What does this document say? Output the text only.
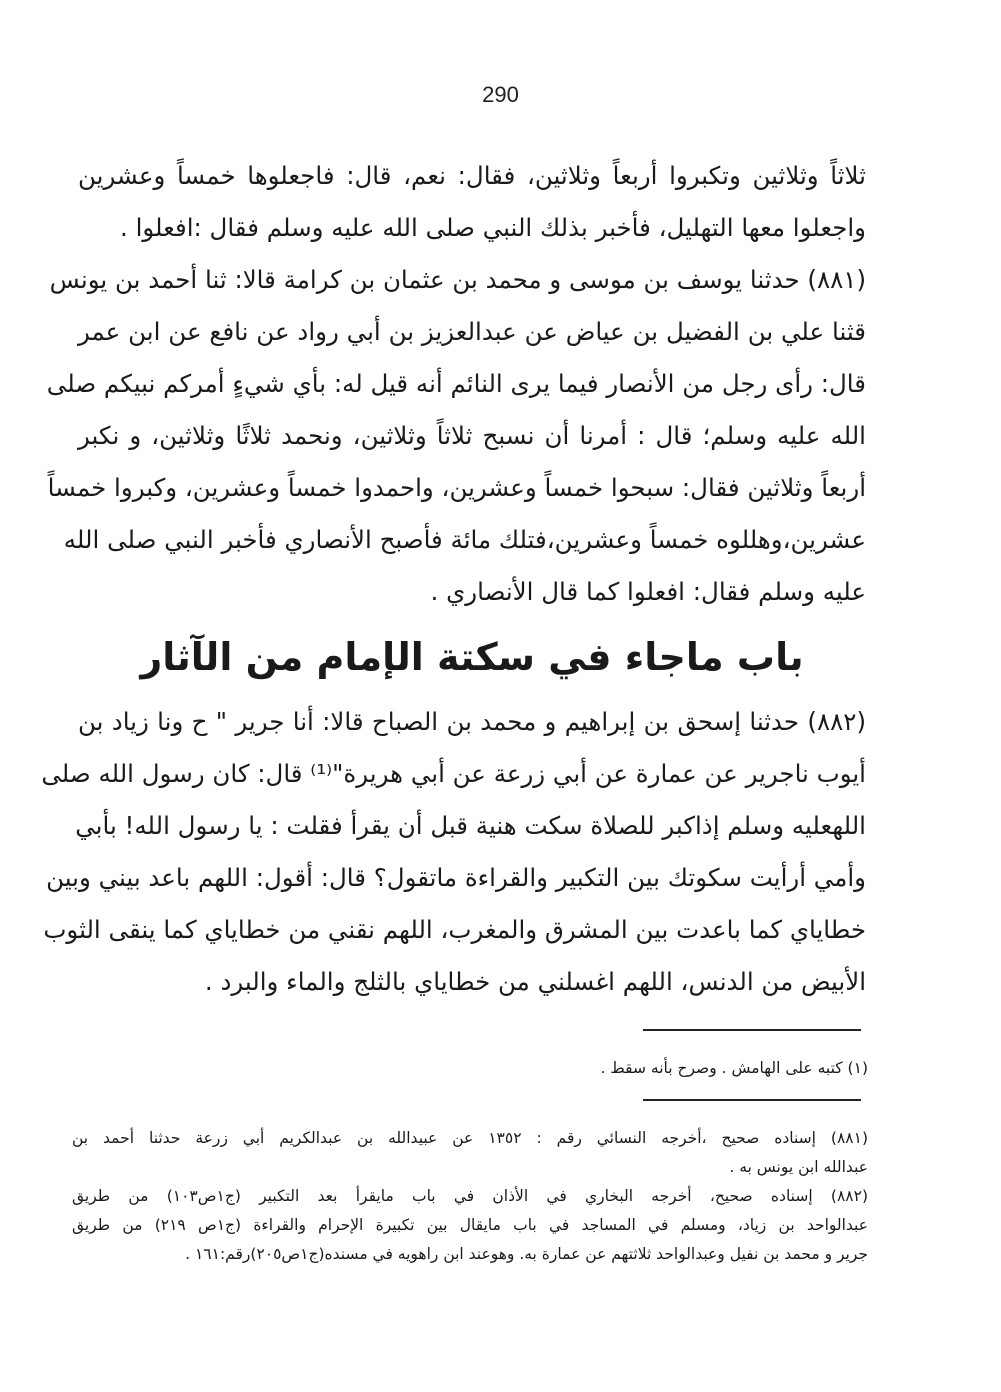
290
ثلاثاً وثلاثين وتكبروا أربعاً وثلاثين، فقال: نعم، قال: فاجعلوها خمساً وعشرين
واجعلوا معها التهليل، فأخبر بذلك النبي صلى الله عليه وسلم فقال :افعلوا .
(٨٨١) حدثنا يوسف بن موسى و محمد بن عثمان بن كرامة قالا: ثنا أحمد بن يونس
قثنا علي بن الفضيل بن عياض عن عبدالعزيز بن أبي رواد عن نافع عن ابن عمر
قال: رأى رجل من الأنصار فيما يرى النائم أنه قيل له: بأي شيءٍ أمركم نبيكم صلى
الله عليه وسلم؛ قال : أمرنا أن نسبح ثلاثاً وثلاثين، ونحمد ثلاثًا وثلاثين، و نكبر
أربعاً وثلاثين فقال: سبحوا خمساً وعشرين، واحمدوا خمساً وعشرين، وكبروا خمساً
عشرين،وهللوه خمساً وعشرين،فتلك مائة فأصبح الأنصاري فأخبر النبي صلى الله
عليه وسلم فقال: افعلوا كما قال الأنصاري .
باب ماجاء في سكتة الإمام من الآثار
(٨٨٢) حدثنا إسحق بن إبراهيم و محمد بن الصباح قالا: أنا جرير " ح ونا زياد بن
أيوب ناجرير عن عمارة عن أبي زرعة عن أبي هريرة"⁽¹⁾ قال: كان رسول الله صلى
اللهعليه وسلم إذاكبر للصلاة سكت هنية قبل أن يقرأ فقلت : يا رسول الله! بأبي
وأمي أرأيت سكوتك بين التكبير والقراءة ماتقول؟ قال: أقول: اللهم باعد بيني وبين
خطاياي كما باعدت بين المشرق والمغرب، اللهم نقني من خطاياي كما ينقى الثوب
الأبيض من الدنس، اللهم اغسلني من خطاياي بالثلج والماء والبرد .
(١) كتبه على الهامش . وصرح بأنه سقط .
(٨٨١) إسناده صحيح ،أخرجه النسائي رقم : ١٣٥٢ عن عبيدالله بن عبدالكريم أبي زرعة حدثنا أحمد بن
عبدالله ابن يونس به .
(٨٨٢) إسناده صحيح، أخرجه البخاري في الأذان في باب مايقرأ بعد التكبير (ج١ص١٠٣) من طريق
عبدالواحد بن زياد، ومسلم في المساجد في باب مايقال بين تكبيرة الإحرام والقراءة (ج١ص ٢١٩) من طريق
جرير و محمد بن نفيل وعبدالواحد ثلاثتهم عن عمارة به. وهوعند ابن راهويه في مسنده(ج١ص٢٠٥)رقم:١٦١ .
